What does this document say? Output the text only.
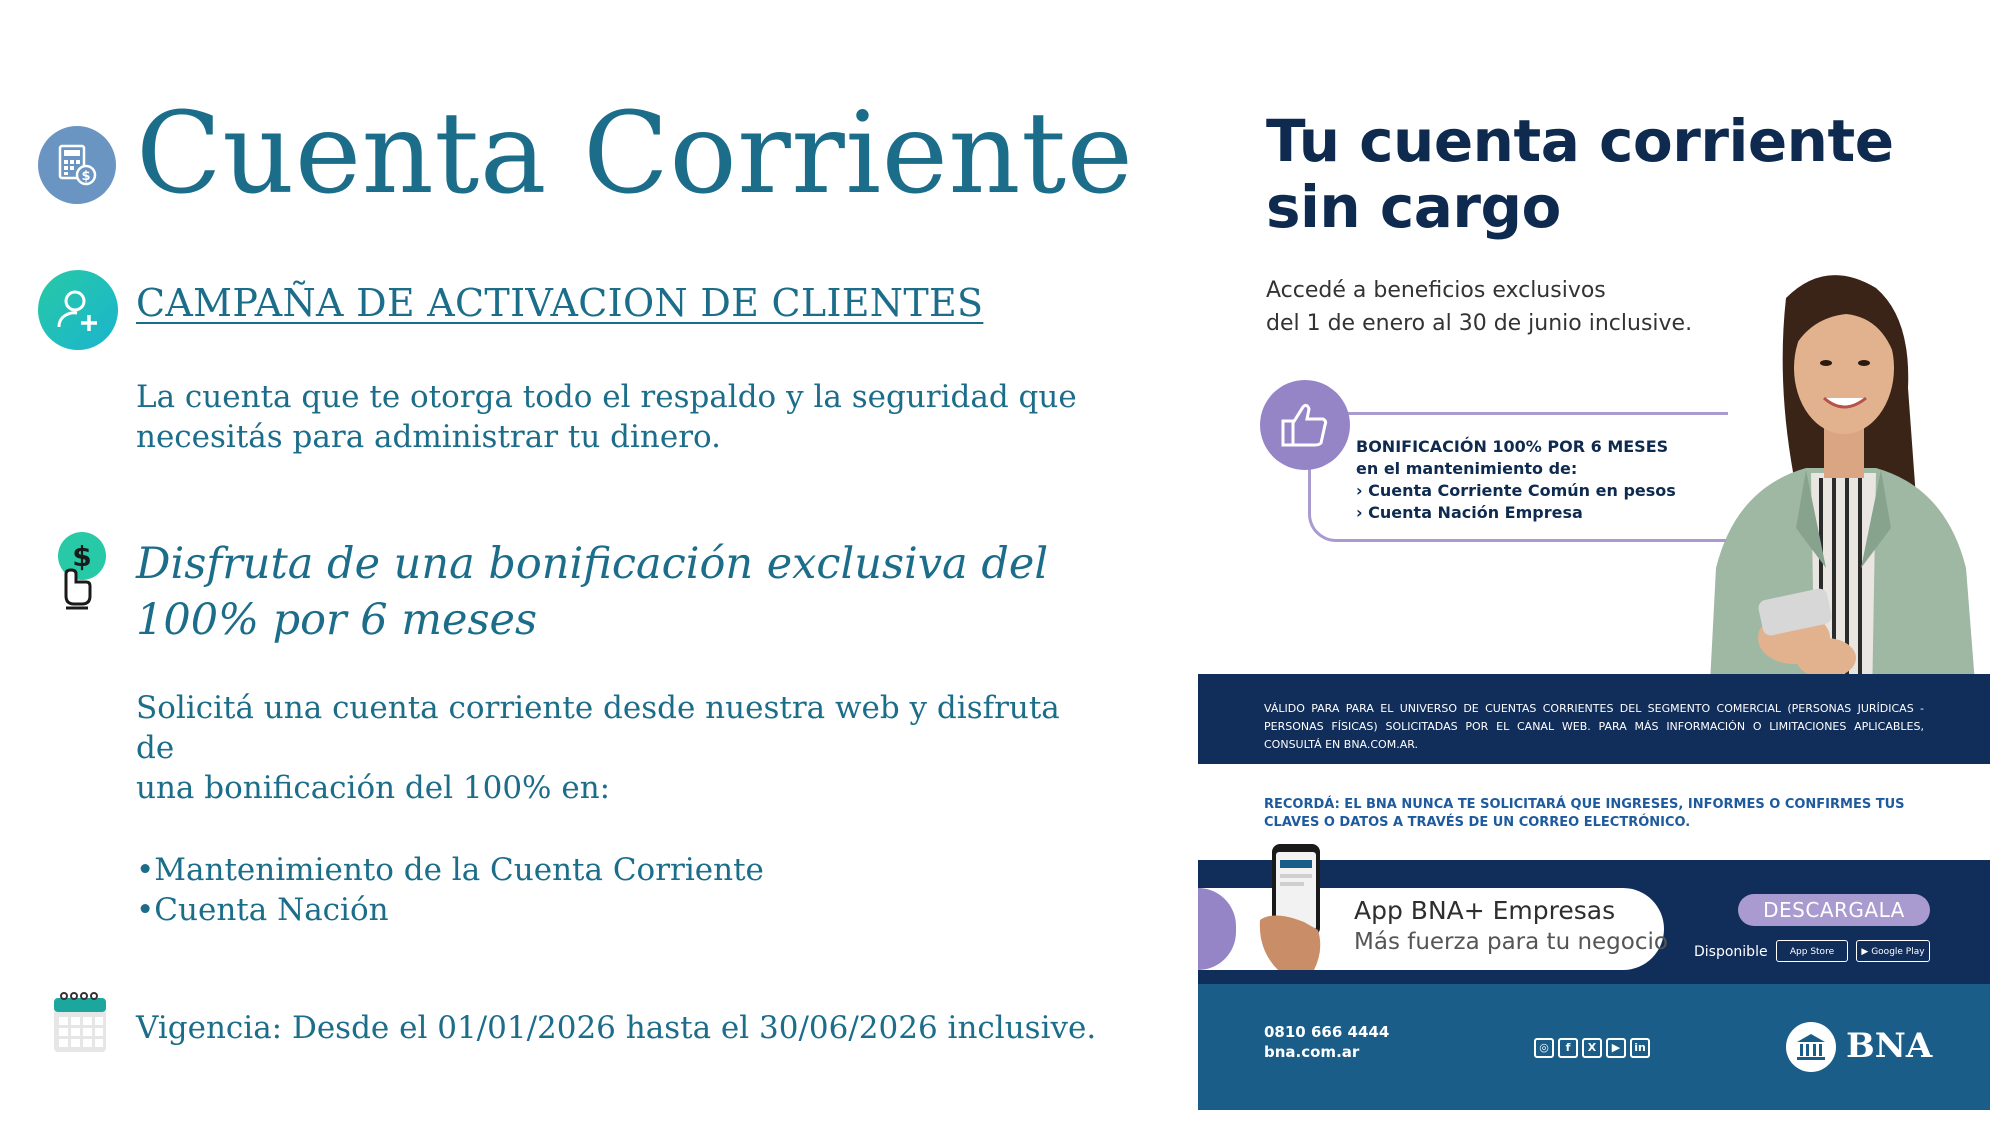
$ Cuenta Corriente
CAMPAÑA DE ACTIVACION DE CLIENTES
La cuenta que te otorga todo el respaldo y la seguridad que
necesitás para administrar tu dinero.
$ Disfruta de una bonificación exclusiva del
100% por 6 meses
Solicitá una cuenta corriente desde nuestra web y disfruta de
una bonificación del 100% en:
•Mantenimiento de la Cuenta Corriente
•Cuenta Nación
Vigencia: Desde el 01/01/2026 hasta el 30/06/2026 inclusive.
Tu cuenta corriente
sin cargo
Accedé a beneficios exclusivos
del 1 de enero al 30 de junio inclusive.
BONIFICACIÓN 100% POR 6 MESES
en el mantenimiento de:
› Cuenta Corriente Común en pesos
› Cuenta Nación Empresa
VÁLIDO PARA PARA EL UNIVERSO DE CUENTAS CORRIENTES DEL SEGMENTO COMERCIAL (PERSONAS JURÍDICAS - PERSONAS FÍSICAS) SOLICITADAS POR EL CANAL WEB. PARA MÁS INFORMACIÓN O LIMITACIONES APLICABLES, CONSULTÁ EN BNA.COM.AR.
RECORDÁ: EL BNA NUNCA TE SOLICITARÁ QUE INGRESES, INFORMES O CONFIRMES TUS CLAVES O DATOS A TRAVÉS DE UN CORREO ELECTRÓNICO.
App BNA+ Empresas
Más fuerza para tu negocio
DESCARGALA
Disponible	App Store	▶ Google Play
0810 666 4444
bna.com.ar	◎	f	X	▶	in	BNA
